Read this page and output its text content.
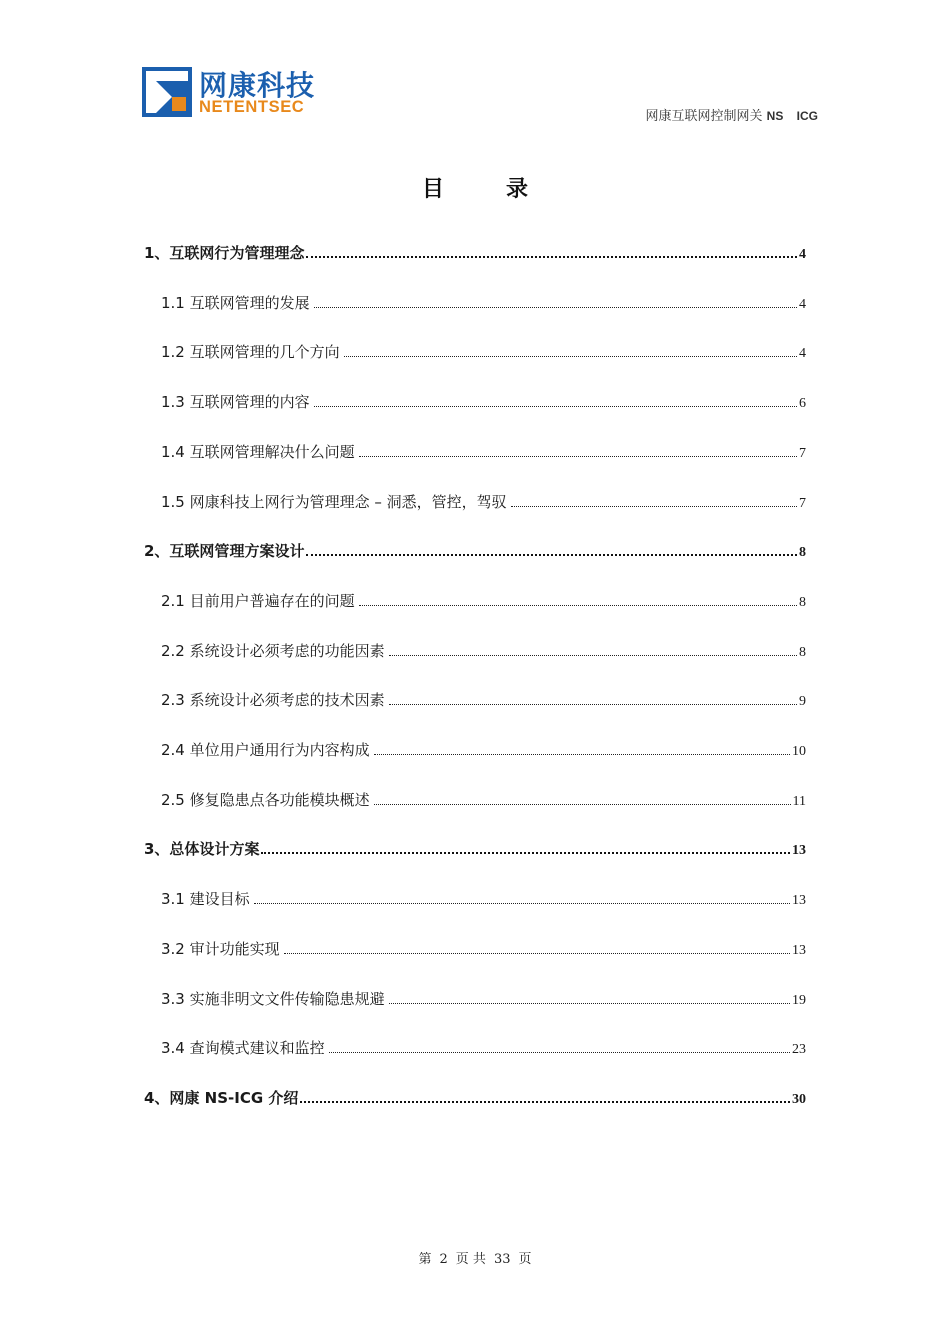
网康科技
NETENTSEC
网康互联网控制网关 NS    ICG
目录
1、互联网行为管理理念	4
1.1 互联网管理的发展	4
1.2 互联网管理的几个方向	4
1.3 互联网管理的内容	6
1.4 互联网管理解决什么问题	7
1.5 网康科技上网行为管理理念 – 洞悉，管控，驾驭	7
2、互联网管理方案设计	8
2.1 目前用户普遍存在的问题	8
2.2 系统设计必须考虑的功能因素	8
2.3 系统设计必须考虑的技术因素	9
2.4 单位用户通用行为内容构成	10
2.5 修复隐患点各功能模块概述	11
3、总体设计方案	13
3.1 建设目标	13
3.2 审计功能实现	13
3.3 实施非明文文件传输隐患规避	19
3.4 查询模式建议和监控	23
4、网康 NS-ICG 介绍	30
第 2 页 共 33 页
